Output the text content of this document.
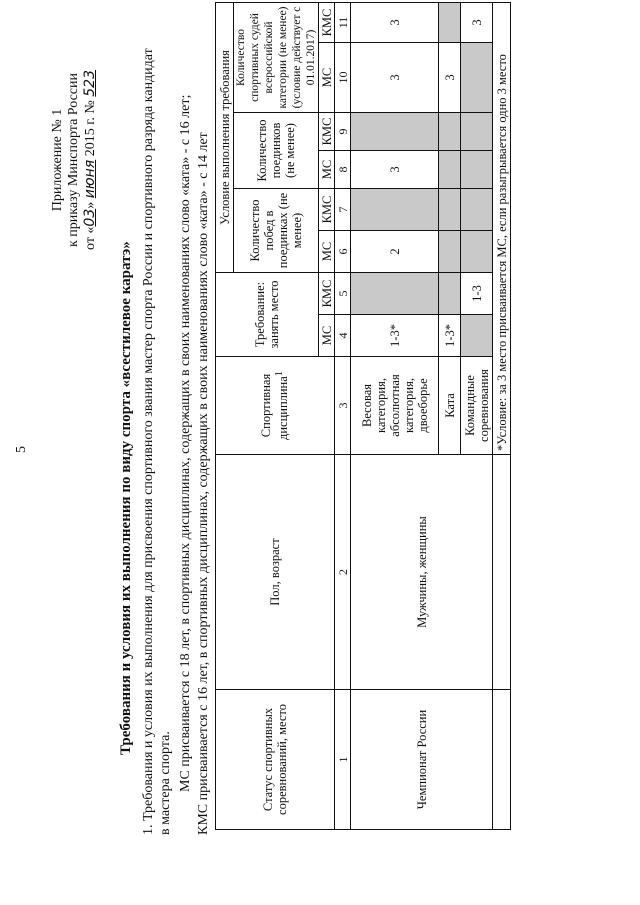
5
Приложение № 1 к приказу Минспорта России от «03» июня 2015 г. № 523
Требования и условия их выполнения по виду спорта «всестилевое каратэ» 1. Требования и условия их выполнения для присвоения спортивного звания мастер спорта России и спортивного разряда кандидат в мастера спорта. МС присваивается с 18 лет, в спортивных дисциплинах, содержащих в своих наименованиях слово «ката» - с 16 лет; КМС присваивается с 16 лет, в спортивных дисциплинах, содержащих в своих наименованиях слово «ката» - с 14 лет	Статус спортивных соревнований, место	Пол, возраст	Спортивная дисциплина$^1$	Требование: занять место		Условие выполнения требования					
					Количество побед в поединках (не менее)		Количество поединков (не менее)		Количество спортивных судей всероссийской категории (не менее) (условие действует с 01.01.2017)	
			МС	КМС	МС	КМС	МС	КМС	МС	КМС
1	2	3	4	5	6	7	8	9	10	11
Чемпионат России	Мужчины, женщины	Весовая категория, абсолютная категория, двоеборье	1-3*		2		3		3	3
		Ката	1-3*						3	
		Командные соревнования		1-3						3
		*Условие: за 3 место присваивается МС, если разыгрывается одно 3 место								
